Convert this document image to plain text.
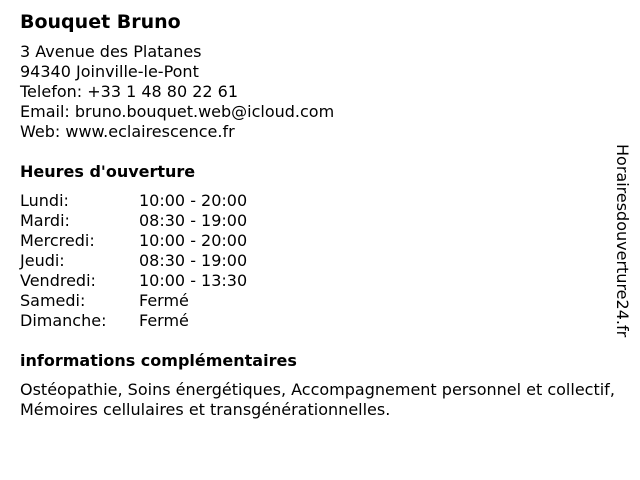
Bouquet Bruno
3 Avenue des Platanes
94340 Joinville-le-Pont
Telefon: +33 1 48 80 22 61
Email: bruno.bouquet.web@icloud.com
Web: www.eclairescence.fr
Heures d'ouverture
Lundi:	10:00 - 20:00
Mardi:	08:30 - 19:00
Mercredi:	10:00 - 20:00
Jeudi:	08:30 - 19:00
Vendredi:	10:00 - 13:30
Samedi:	Fermé
Dimanche:	Fermé
informations complémentaires
Ostéopathie, Soins énergétiques, Accompagnement personnel et collectif, Mémoires cellulaires et transgénérationnelles.
Horairesdouverture24.fr
